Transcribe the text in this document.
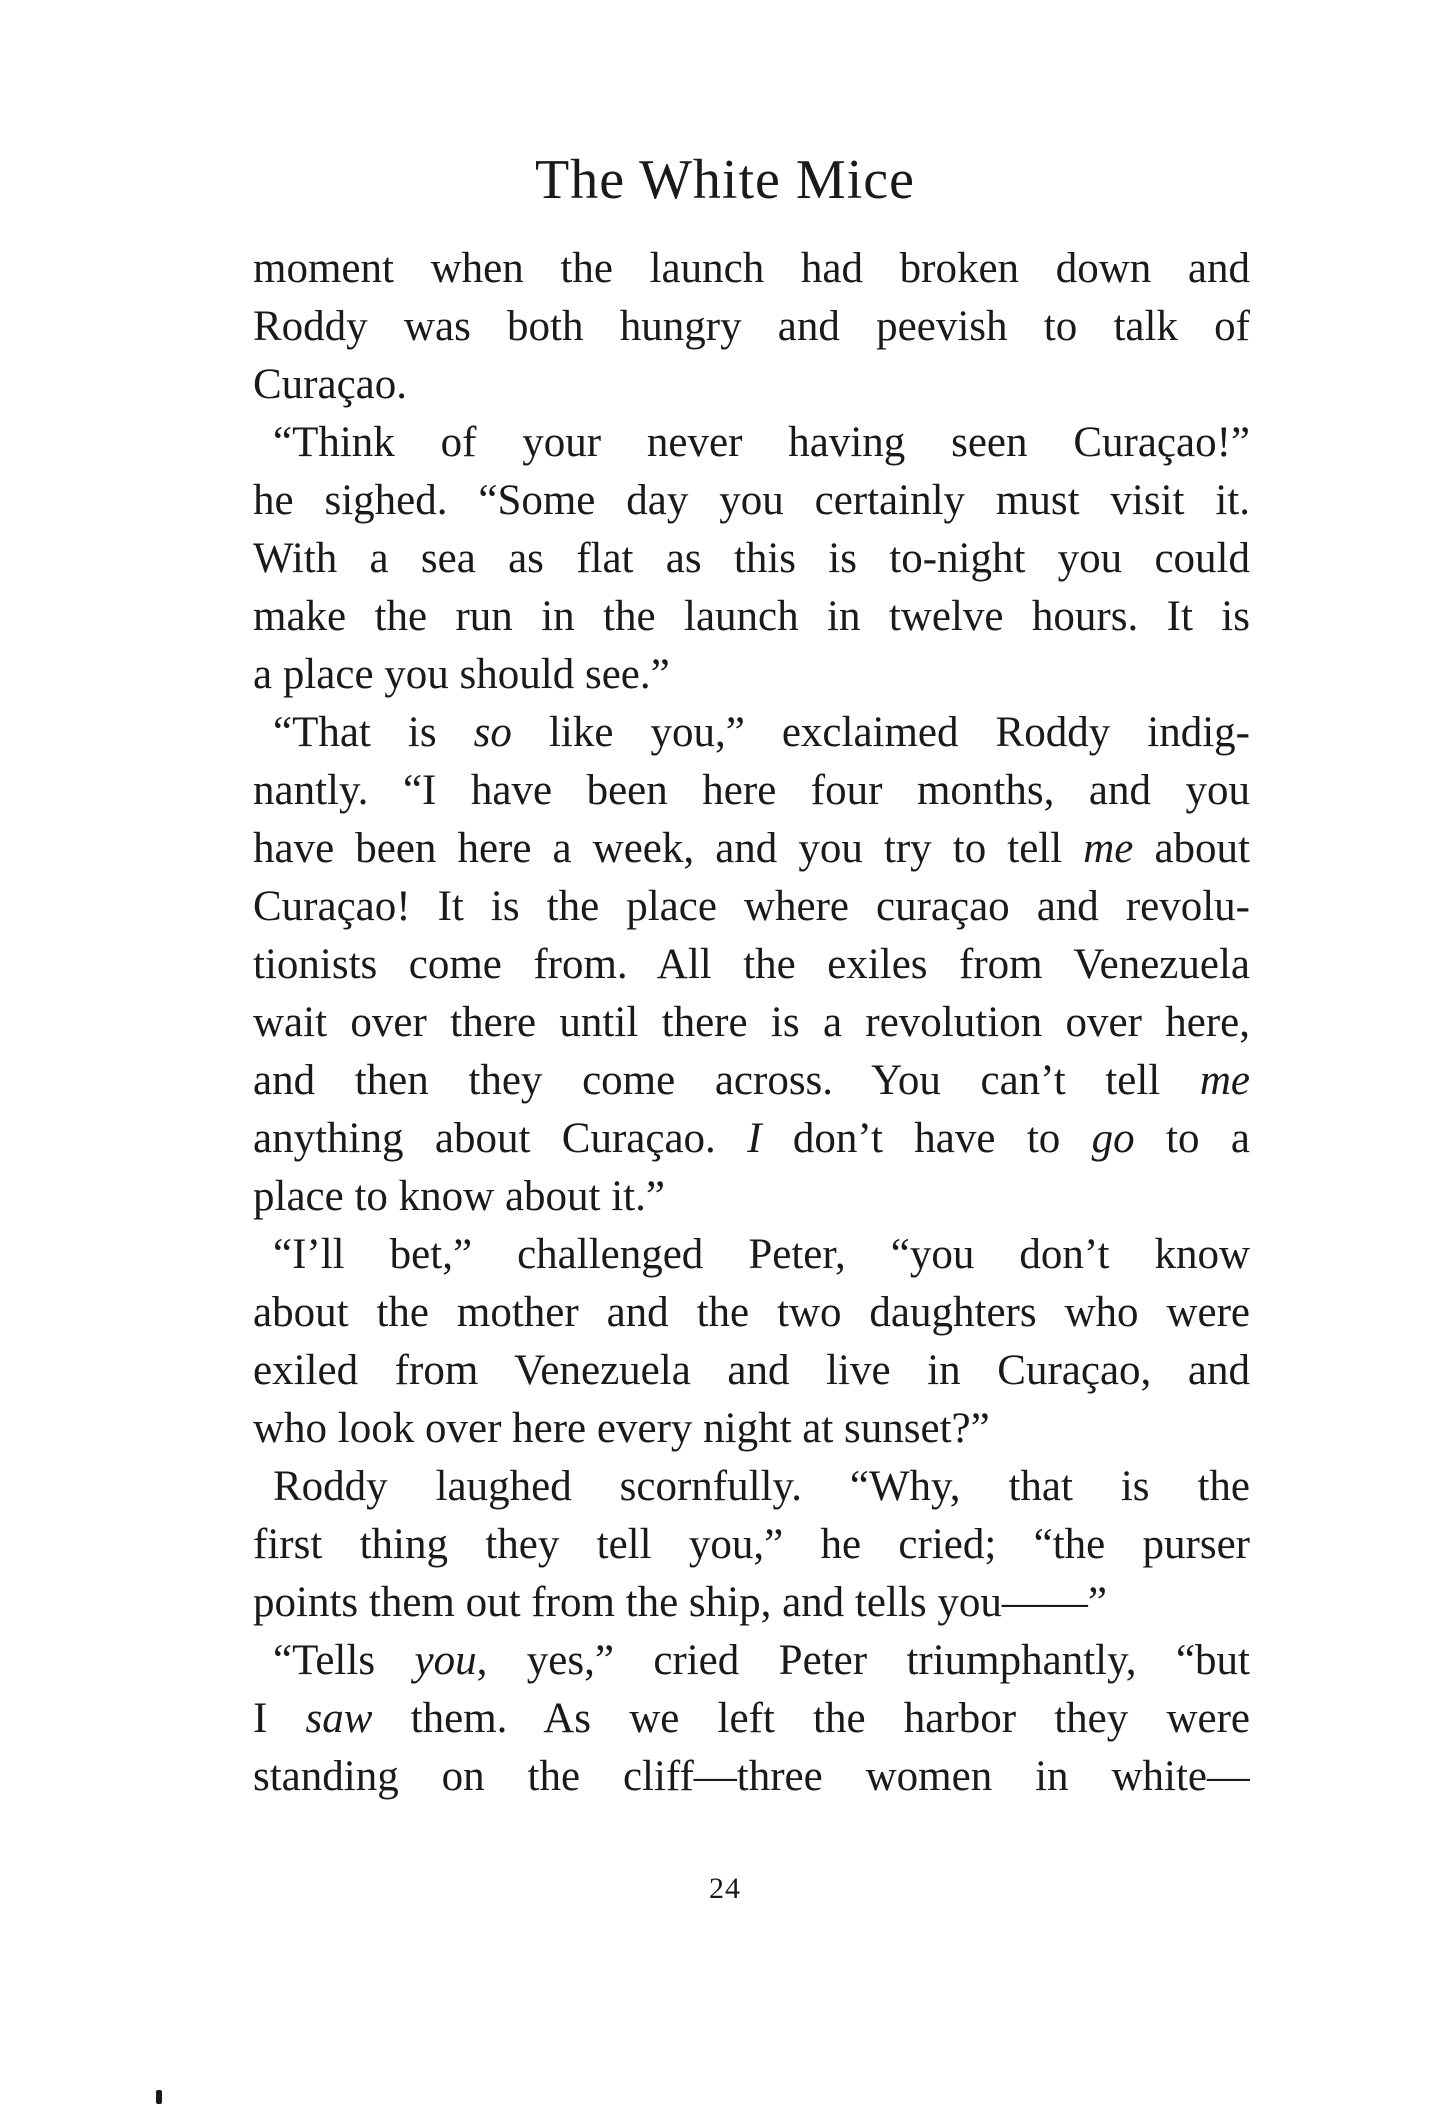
The White Mice
moment when the launch had broken down and
Roddy was both hungry and peevish to talk of
Curaçao.
“Think of your never having seen Curaçao!”
he sighed. “Some day you certainly must visit it.
With a sea as flat as this is to-night you could
make the run in the launch in twelve hours. It is
a place you should see.”
“That is so like you,” exclaimed Roddy indig-
nantly. “I have been here four months, and you
have been here a week, and you try to tell me about
Curaçao! It is the place where curaçao and revolu-
tionists come from. All the exiles from Venezuela
wait over there until there is a revolution over here,
and then they come across. You can’t tell me
anything about Curaçao. I don’t have to go to a
place to know about it.”
“I’ll bet,” challenged Peter, “you don’t know
about the mother and the two daughters who were
exiled from Venezuela and live in Curaçao, and
who look over here every night at sunset?”
Roddy laughed scornfully. “Why, that is the
first thing they tell you,” he cried; “the purser
points them out from the ship, and tells you——”
“Tells you, yes,” cried Peter triumphantly, “but
I saw them. As we left the harbor they were
standing on the cliff—three women in white—
24
